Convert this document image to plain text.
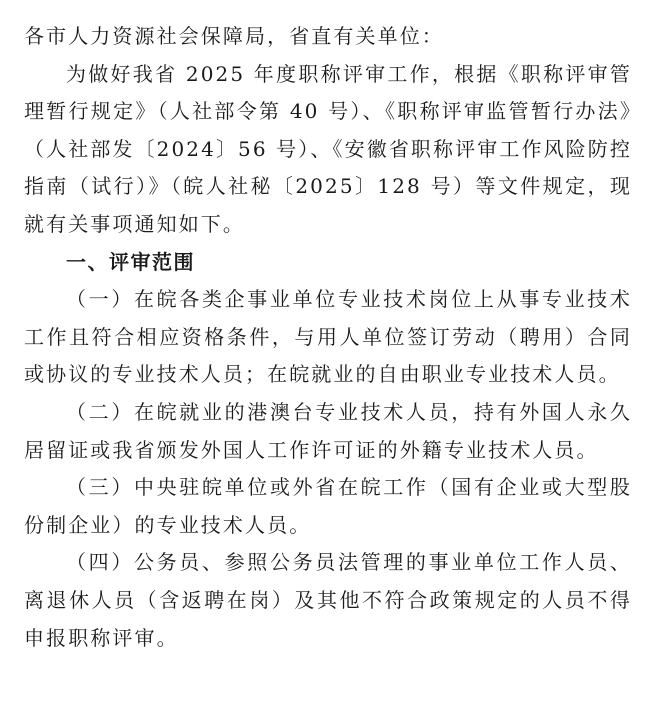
各市人力资源社会保障局，省直有关单位：

为做好我省 2025 年度职称评审工作，根据《职称评审管理暂行规定》（人社部令第 40 号）、《职称评审监管暂行办法》（人社部发〔2024〕56 号）、《安徽省职称评审工作风险防控指南（试行）》（皖人社秘〔2025〕128 号）等文件规定，现就有关事项通知如下。

一、评审范围

（一）在皖各类企事业单位专业技术岗位上从事专业技术工作且符合相应资格条件，与用人单位签订劳动（聘用）合同或协议的专业技术人员；在皖就业的自由职业专业技术人员。

（二）在皖就业的港澳台专业技术人员，持有外国人永久居留证或我省颁发外国人工作许可证的外籍专业技术人员。

（三）中央驻皖单位或外省在皖工作（国有企业或大型股份制企业）的专业技术人员。

（四）公务员、参照公务员法管理的事业单位工作人员、离退休人员（含返聘在岗）及其他不符合政策规定的人员不得申报职称评审。
